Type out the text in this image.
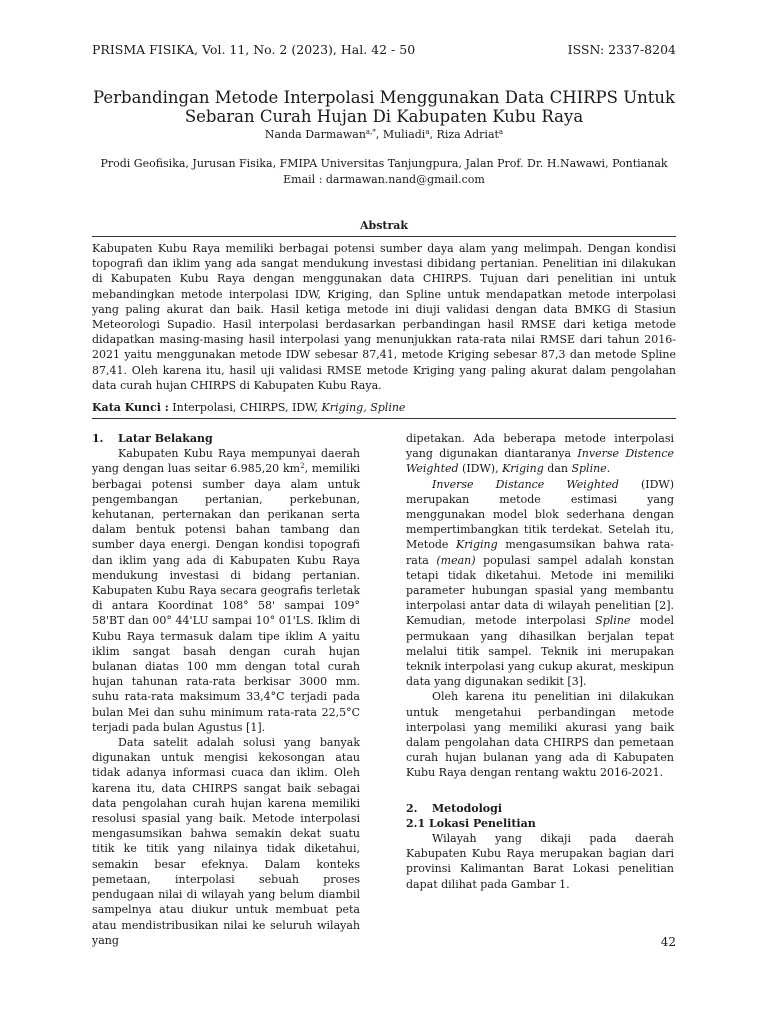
PRISMA FISIKA, Vol. 11, No. 2 (2023), Hal. 42 - 50	ISSN: 2337-8204
Perbandingan Metode Interpolasi Menggunakan Data CHIRPS Untuk
Sebaran Curah Hujan Di Kabupaten Kubu Raya
Nanda Darmawan$^{a,*}$, Muliadi$^a$, Riza Adriat$^a$
Prodi Geofisika, Jurusan Fisika, FMIPA Universitas Tanjungpura, Jalan Prof. Dr. H.Nawawi, Pontianak
Email : darmawan.nand@gmail.com
Abstrak
Kabupaten Kubu Raya memiliki berbagai potensi sumber daya alam yang melimpah. Dengan kondisi topografi dan iklim yang ada sangat mendukung investasi dibidang pertanian. Penelitian ini dilakukan di Kabupaten Kubu Raya dengan menggunakan data CHIRPS. Tujuan dari penelitian ini untuk mebandingkan metode interpolasi IDW, Kriging, dan Spline untuk mendapatkan metode interpolasi yang paling akurat dan baik. Hasil ketiga metode ini diuji validasi dengan data BMKG di Stasiun Meteorologi Supadio. Hasil interpolasi berdasarkan perbandingan hasil RMSE dari ketiga metode didapatkan masing-masing hasil interpolasi yang menunjukkan rata-rata nilai RMSE dari tahun 2016-2021 yaitu menggunakan metode IDW sebesar 87,41, metode Kriging sebesar 87,3 dan metode Spline 87,41. Oleh karena itu, hasil uji validasi RMSE metode Kriging yang paling akurat dalam pengolahan data curah hujan CHIRPS di Kabupaten Kubu Raya.
Kata Kunci : Interpolasi, CHIRPS, IDW, Kriging, Spline
1. Latar Belakang

Kabupaten Kubu Raya mempunyai daerah yang dengan luas seitar 6.985,20 $km^2$, memiliki berbagai potensi sumber daya alam untuk pengembangan pertanian, perkebunan, kehutanan, perternakan dan perikanan serta dalam bentuk potensi bahan tambang dan sumber daya energi. Dengan kondisi topografi dan iklim yang ada di Kabupaten Kubu Raya mendukung investasi di bidang pertanian. Kabupaten Kubu Raya secara geografis terletak di antara Koordinat 108° 58' sampai 109° 58'BT dan 00° 44'LU sampai 10° 01'LS. Iklim di Kubu Raya termasuk dalam tipe iklim A yaitu iklim sangat basah dengan curah hujan bulanan diatas 100 mm dengan total curah hujan tahunan rata-rata berkisar 3000 mm. suhu rata-rata maksimum 33,4°C terjadi pada bulan Mei dan suhu minimum rata-rata 22,5°C terjadi pada bulan Agustus [1].

Data satelit adalah solusi yang banyak digunakan untuk mengisi kekosongan atau tidak adanya informasi cuaca dan iklim. Oleh karena itu, data CHIRPS sangat baik sebagai data pengolahan curah hujan karena memiliki resolusi spasial yang baik. Metode interpolasi mengasumsikan bahwa semakin dekat suatu titik ke titik yang nilainya tidak diketahui, semakin besar efeknya. Dalam konteks pemetaan, interpolasi sebuah proses pendugaan nilai di wilayah yang belum diambil sampelnya atau diukur untuk membuat peta atau mendistribusikan nilai ke seluruh wilayah yang

dipetakan. Ada beberapa metode interpolasi yang digunakan diantaranya Inverse Distence Weighted (IDW), Kriging dan Spline.

Inverse Distance Weighted (IDW) merupakan metode estimasi yang menggunakan model blok sederhana dengan mempertimbangkan titik terdekat. Setelah itu, Metode Kriging mengasumsikan bahwa rata-rata (mean) populasi sampel adalah konstan tetapi tidak diketahui. Metode ini memiliki parameter hubungan spasial yang membantu interpolasi antar data di wilayah penelitian [2]. Kemudian, metode interpolasi Spline model permukaan yang dihasilkan berjalan tepat melalui titik sampel. Teknik ini merupakan teknik interpolasi yang cukup akurat, meskipun data yang digunakan sedikit [3].

Oleh karena itu penelitian ini dilakukan untuk mengetahui perbandingan metode interpolasi yang memiliki akurasi yang baik dalam pengolahan data CHIRPS dan pemetaan curah hujan bulanan yang ada di Kabupaten Kubu Raya dengan rentang waktu 2016-2021.

2. Metodologi
2.1 Lokasi Penelitian

Wilayah yang dikaji pada daerah Kabupaten Kubu Raya merupakan bagian dari provinsi Kalimantan Barat Lokasi penelitian dapat dilihat pada Gambar 1.

42
